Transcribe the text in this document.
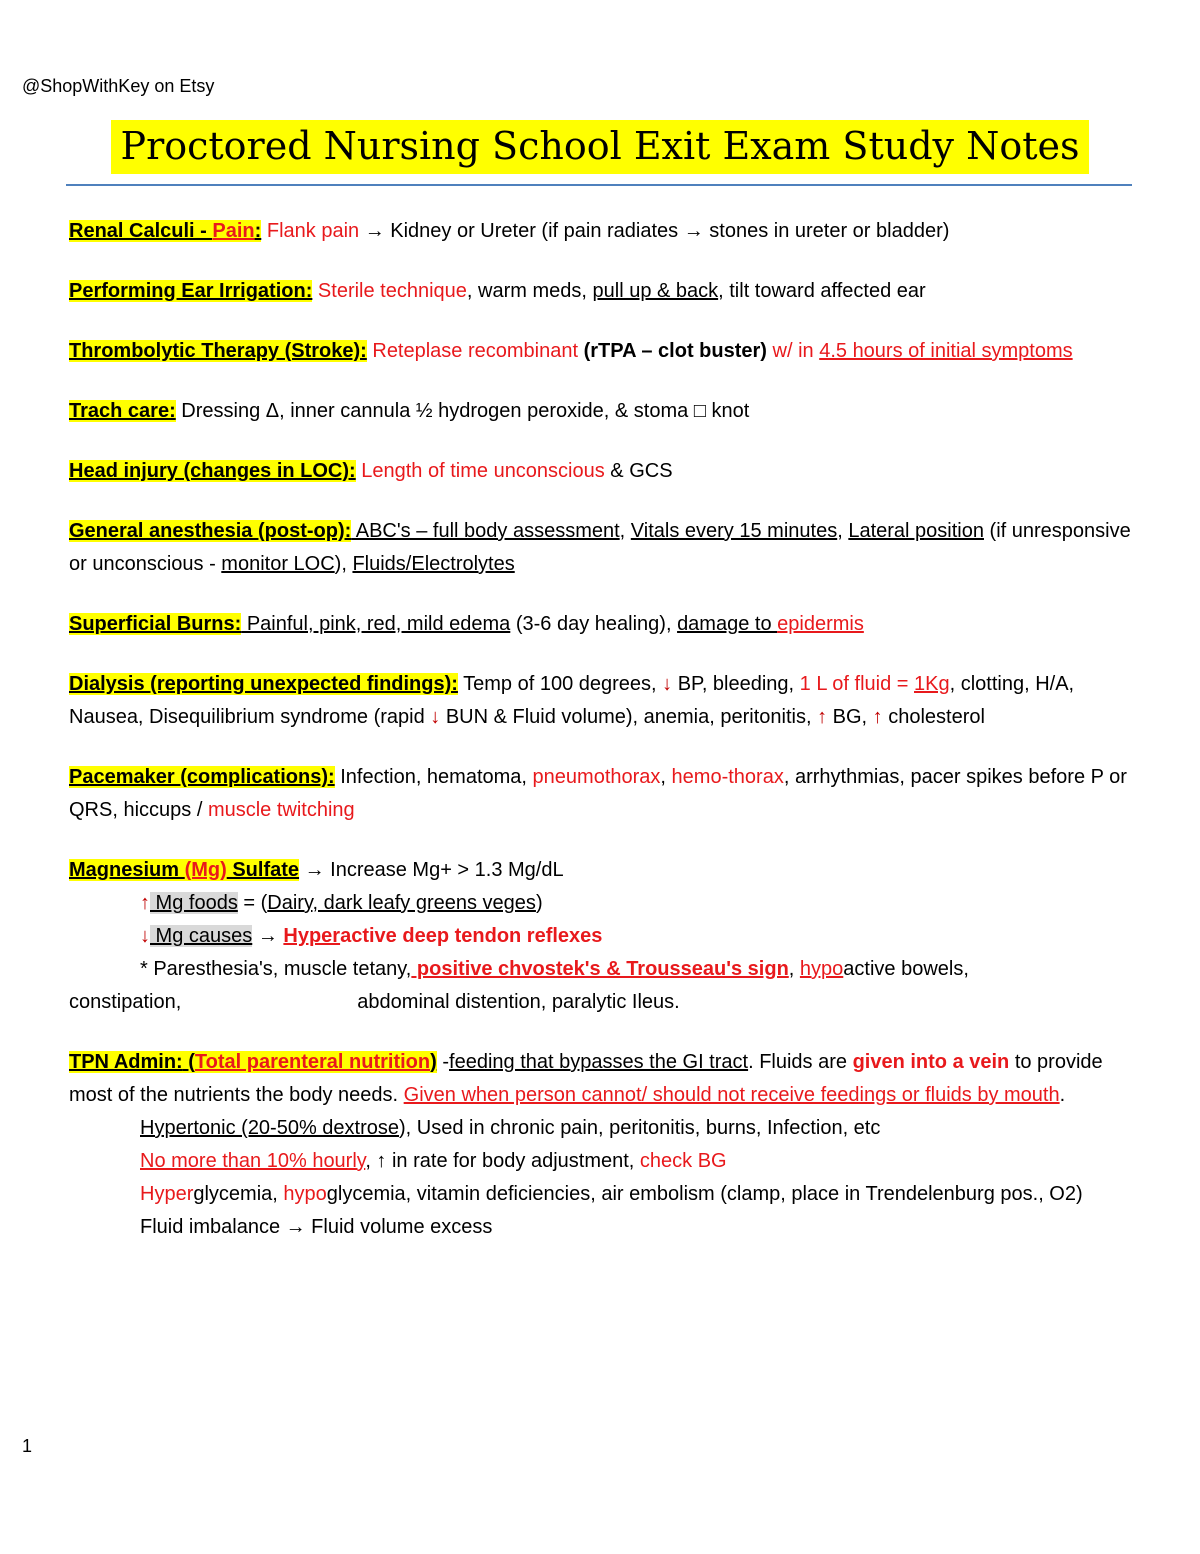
@ShopWithKey on Etsy
Proctored Nursing School Exit Exam Study Notes
Renal Calculi - Pain: Flank pain → Kidney or Ureter (if pain radiates → stones in ureter or bladder)
Performing Ear Irrigation: Sterile technique, warm meds, pull up & back, tilt toward affected ear
Thrombolytic Therapy (Stroke): Reteplase recombinant (rTPA – clot buster) w/ in 4.5 hours of initial symptoms
Trach care: Dressing Δ, inner cannula ½ hydrogen peroxide, & stoma □ knot
Head injury (changes in LOC): Length of time unconscious & GCS
General anesthesia (post-op): ABC's – full body assessment, Vitals every 15 minutes, Lateral position (if unresponsive or unconscious - monitor LOC), Fluids/Electrolytes
Superficial Burns: Painful, pink, red, mild edema (3-6 day healing), damage to epidermis
Dialysis (reporting unexpected findings): Temp of 100 degrees, ↓ BP, bleeding, 1 L of fluid = 1Kg, clotting, H/A, Nausea, Disequilibrium syndrome (rapid ↓ BUN & Fluid volume), anemia, peritonitis, ↑ BG, ↑ cholesterol
Pacemaker (complications): Infection, hematoma, pneumothorax, hemo-thorax, arrhythmias, pacer spikes before P or QRS, hiccups / muscle twitching
Magnesium (Mg) Sulfate → Increase Mg+ > 1.3 Mg/dL
↑ Mg foods = (Dairy, dark leafy greens veges)
↓ Mg causes → Hyperactive deep tendon reflexes
* Paresthesia's, muscle tetany, positive chvostek's & Trousseau's sign, hypoactive bowels,
constipation,	abdominal distention, paralytic Ileus.
TPN Admin: (Total parenteral nutrition) -feeding that bypasses the GI tract. Fluids are given into a vein to provide most of the nutrients the body needs. Given when person cannot/ should not receive feedings or fluids by mouth.
Hypertonic (20-50% dextrose), Used in chronic pain, peritonitis, burns, Infection, etc
No more than 10% hourly, ↑ in rate for body adjustment, check BG
Hyperglycemia, hypoglycemia, vitamin deficiencies, air embolism (clamp, place in Trendelenburg pos., O2)
Fluid imbalance → Fluid volume excess
1
